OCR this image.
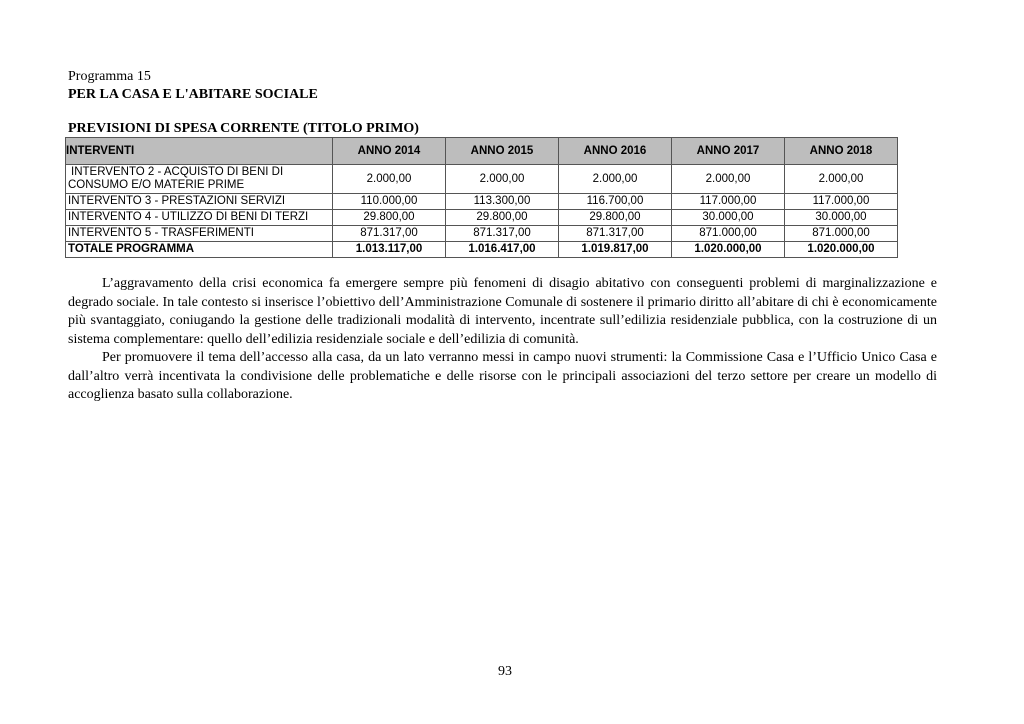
Programma 15
PER LA CASA E L'ABITARE SOCIALE
PREVISIONI DI SPESA CORRENTE (TITOLO PRIMO)
INTERVENTI	ANNO 2014	ANNO 2015	ANNO 2016	ANNO 2017	ANNO 2018

INTERVENTO 2 - ACQUISTO DI BENI DI
CONSUMO E/O MATERIE PRIME	2.000,00	2.000,00	2.000,00	2.000,00	2.000,00
INTERVENTO 3 - PRESTAZIONI SERVIZI	110.000,00	113.300,00	116.700,00	117.000,00	117.000,00
INTERVENTO 4 - UTILIZZO DI BENI DI TERZI	29.800,00	29.800,00	29.800,00	30.000,00	30.000,00
INTERVENTO 5 - TRASFERIMENTI	871.317,00	871.317,00	871.317,00	871.000,00	871.000,00
TOTALE PROGRAMMA	1.013.117,00	1.016.417,00	1.019.817,00	1.020.000,00	1.020.000,00

L’aggravamento della crisi economica fa emergere sempre più fenomeni di disagio abitativo con conseguenti problemi di marginalizzazione e degrado sociale. In tale contesto si inserisce l’obiettivo dell’Amministrazione Comunale di sostenere il primario diritto all’abitare di chi è economicamente più svantaggiato, coniugando la gestione delle tradizionali modalità di intervento, incentrate sull’edilizia residenziale pubblica, con la costruzione di un sistema complementare: quello dell’edilizia residenziale sociale e dell’edilizia di comunità.

Per promuovere il tema dell’accesso alla casa, da un lato verranno messi in campo nuovi strumenti: la Commissione Casa e l’Ufficio Unico Casa e dall’altro verrà incentivata la condivisione delle problematiche e delle risorse con le principali associazioni del terzo settore per creare un modello di accoglienza basato sulla collaborazione.

93
